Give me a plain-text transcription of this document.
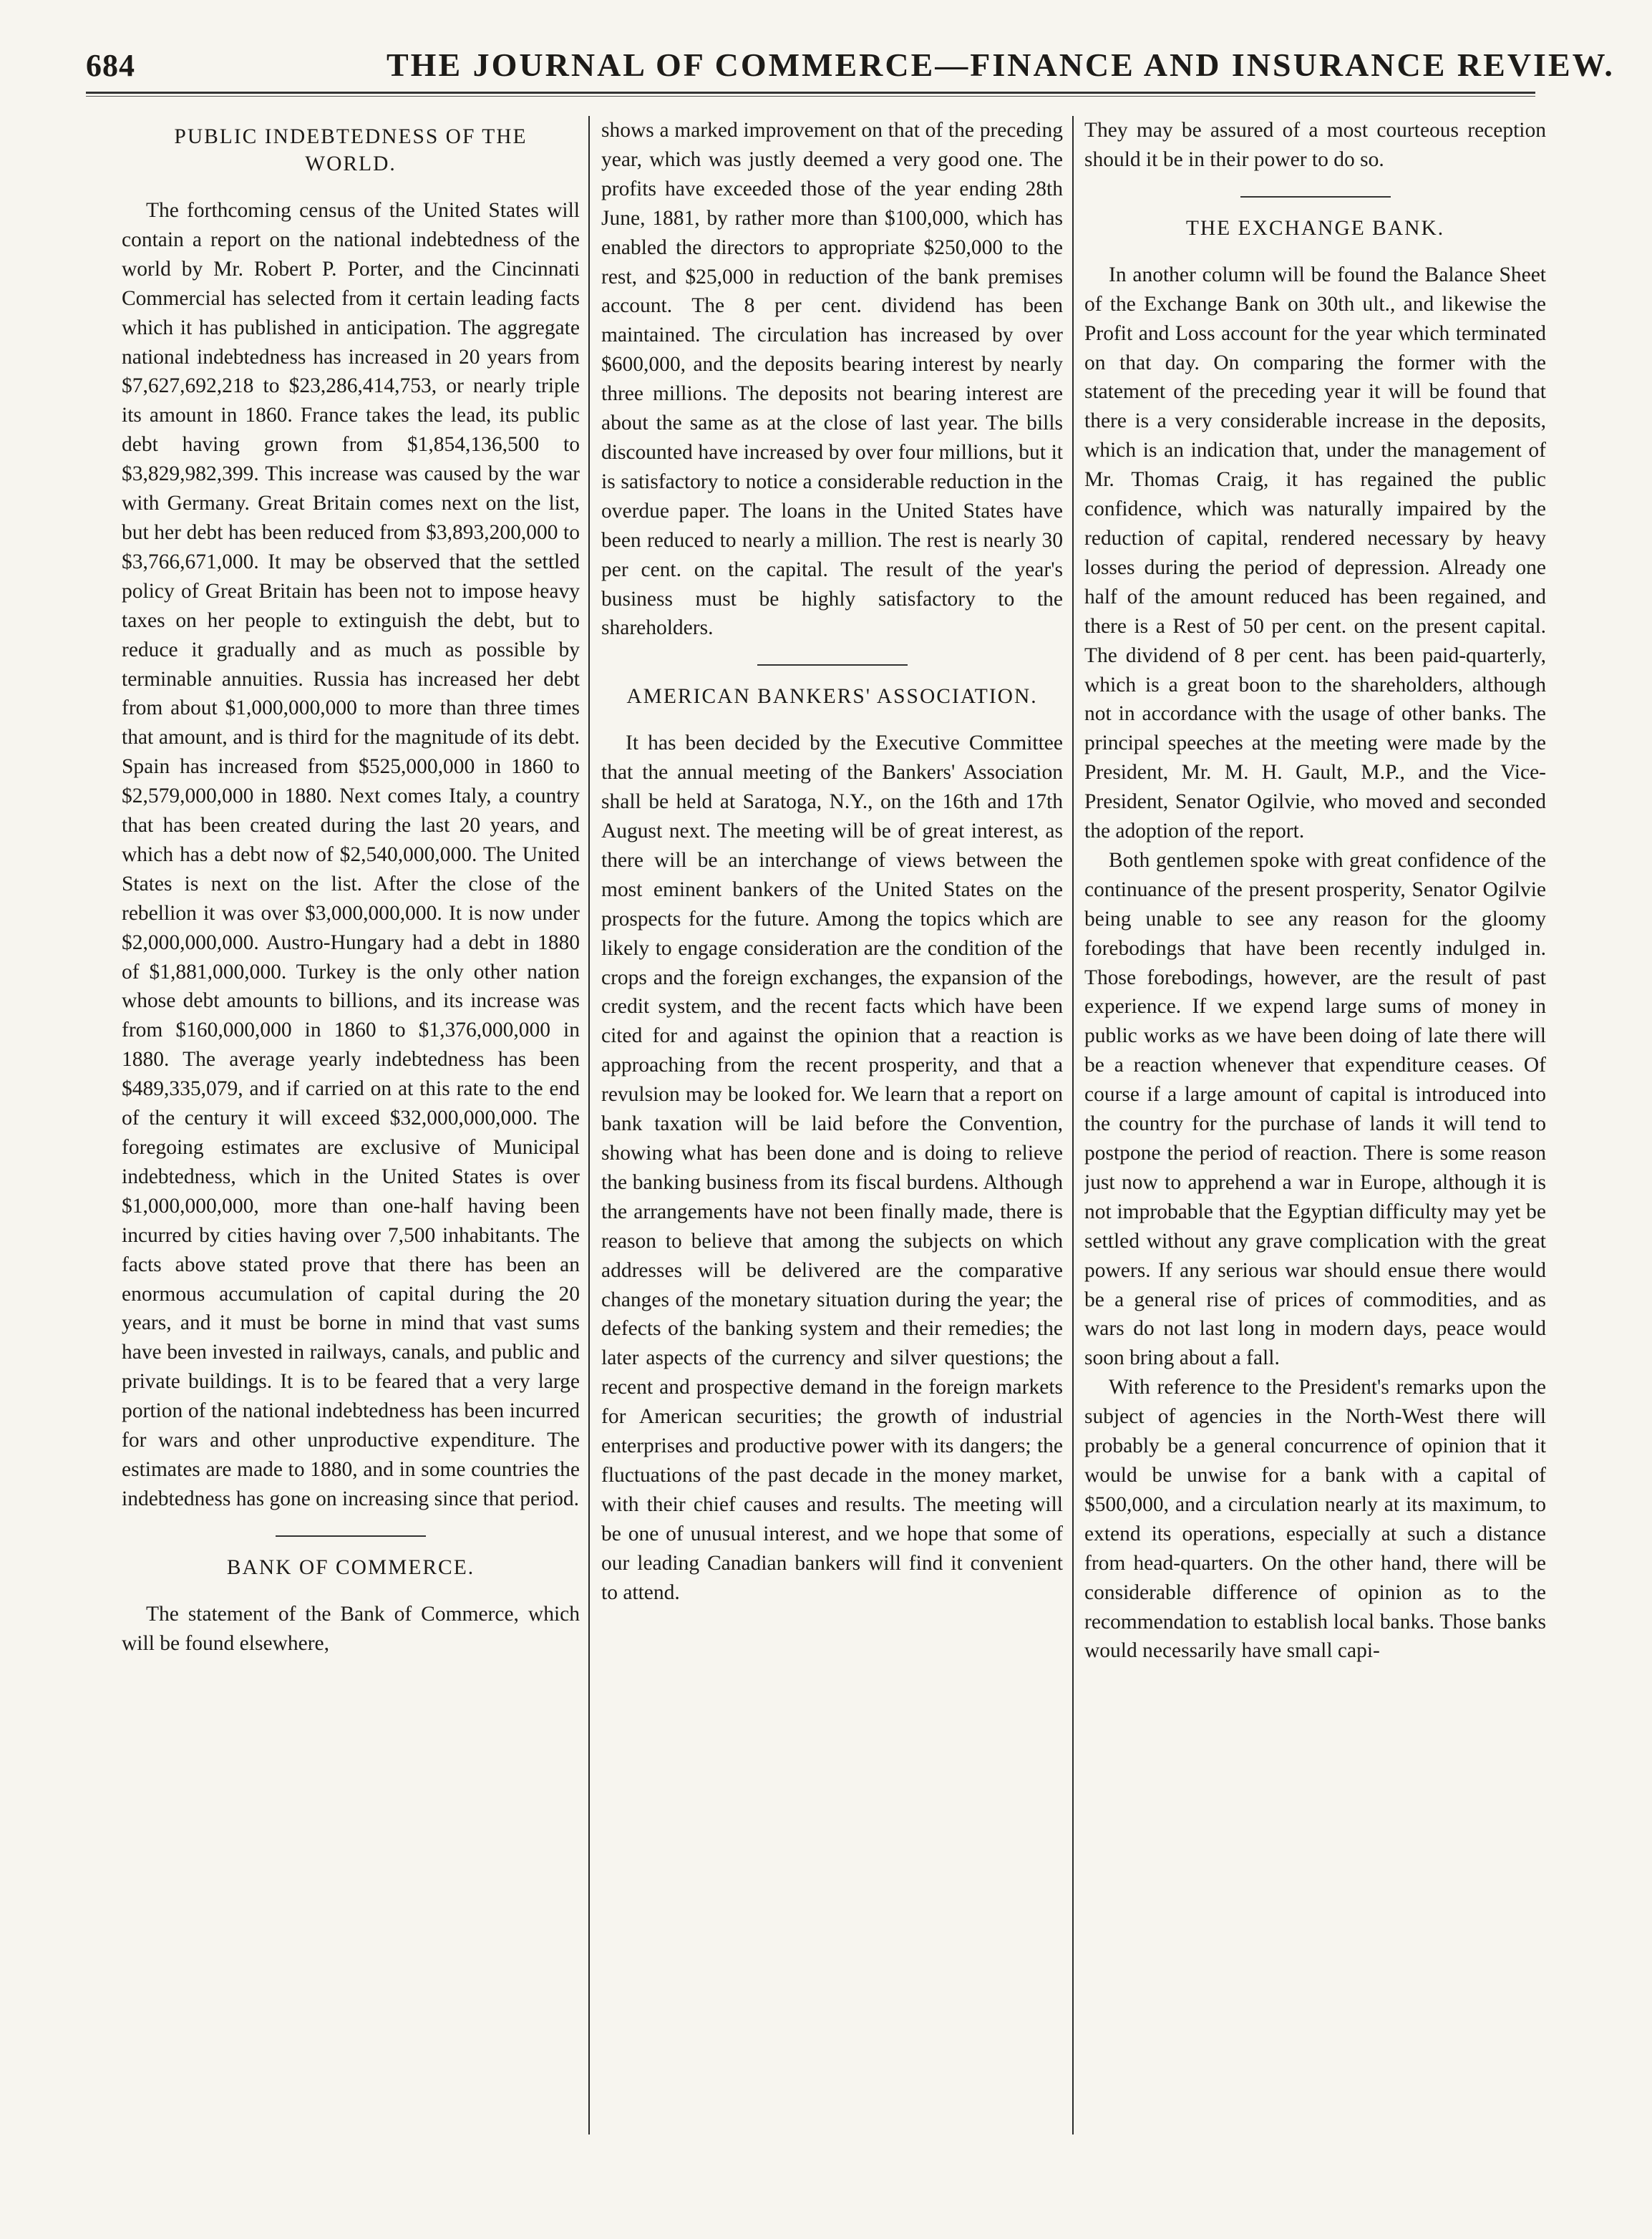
684	THE JOURNAL OF COMMERCE—FINANCE AND INSURANCE REVIEW.
PUBLIC INDEBTEDNESS OF THE WORLD.

The forthcoming census of the United States will contain a report on the national indebtedness of the world by Mr. Robert P. Porter, and the Cincinnati Commercial has selected from it certain leading facts which it has published in anticipation. The aggregate national indebtedness has increased in 20 years from $7,627,692,218 to $23,286,414,753, or nearly triple its amount in 1860. France takes the lead, its public debt having grown from $1,854,136,500 to $3,829,982,399. This increase was caused by the war with Germany. Great Britain comes next on the list, but her debt has been reduced from $3,893,200,000 to $3,766,671,000. It may be observed that the settled policy of Great Britain has been not to impose heavy taxes on her people to extinguish the debt, but to reduce it gradually and as much as possible by terminable annuities. Russia has increased her debt from about $1,000,000,000 to more than three times that amount, and is third for the magnitude of its debt. Spain has increased from $525,000,000 in 1860 to $2,579,000,000 in 1880. Next comes Italy, a country that has been created during the last 20 years, and which has a debt now of $2,540,000,000. The United States is next on the list. After the close of the rebellion it was over $3,000,000,000. It is now under $2,000,000,000. Austro-Hungary had a debt in 1880 of $1,881,000,000. Turkey is the only other nation whose debt amounts to billions, and its increase was from $160,000,000 in 1860 to $1,376,000,000 in 1880. The average yearly indebtedness has been $489,335,079, and if carried on at this rate to the end of the century it will exceed $32,000,000,000. The foregoing estimates are exclusive of Municipal indebtedness, which in the United States is over $1,000,000,000, more than one-half having been incurred by cities having over 7,500 inhabitants. The facts above stated prove that there has been an enormous accumulation of capital during the 20 years, and it must be borne in mind that vast sums have been invested in railways, canals, and public and private buildings. It is to be feared that a very large portion of the national indebtedness has been incurred for wars and other unproductive expenditure. The estimates are made to 1880, and in some countries the indebtedness has gone on increasing since that period.

BANK OF COMMERCE.

The statement of the Bank of Commerce, which will be found elsewhere,

shows a marked improvement on that of the preceding year, which was justly deemed a very good one. The profits have exceeded those of the year ending 28th June, 1881, by rather more than $100,000, which has enabled the directors to appropriate $250,000 to the rest, and $25,000 in reduction of the bank premises account. The 8 per cent. dividend has been maintained. The circulation has increased by over $600,000, and the deposits bearing interest by nearly three millions. The deposits not bearing interest are about the same as at the close of last year. The bills discounted have increased by over four millions, but it is satisfactory to notice a considerable reduction in the overdue paper. The loans in the United States have been reduced to nearly a million. The rest is nearly 30 per cent. on the capital. The result of the year's business must be highly satisfactory to the shareholders.

AMERICAN BANKERS' ASSOCIATION.

It has been decided by the Executive Committee that the annual meeting of the Bankers' Association shall be held at Saratoga, N.Y., on the 16th and 17th August next. The meeting will be of great interest, as there will be an interchange of views between the most eminent bankers of the United States on the prospects for the future. Among the topics which are likely to engage consideration are the condition of the crops and the foreign exchanges, the expansion of the credit system, and the recent facts which have been cited for and against the opinion that a reaction is approaching from the recent prosperity, and that a revulsion may be looked for. We learn that a report on bank taxation will be laid before the Convention, showing what has been done and is doing to relieve the banking business from its fiscal burdens. Although the arrangements have not been finally made, there is reason to believe that among the subjects on which addresses will be delivered are the comparative changes of the monetary situation during the year; the defects of the banking system and their remedies; the later aspects of the currency and silver questions; the recent and prospective demand in the foreign markets for American securities; the growth of industrial enterprises and productive power with its dangers; the fluctuations of the past decade in the money market, with their chief causes and results. The meeting will be one of unusual interest, and we hope that some of our leading Canadian bankers will find it convenient to attend.

They may be assured of a most courteous reception should it be in their power to do so.

THE EXCHANGE BANK.

In another column will be found the Balance Sheet of the Exchange Bank on 30th ult., and likewise the Profit and Loss account for the year which terminated on that day. On comparing the former with the statement of the preceding year it will be found that there is a very considerable increase in the deposits, which is an indication that, under the management of Mr. Thomas Craig, it has regained the public confidence, which was naturally impaired by the reduction of capital, rendered necessary by heavy losses during the period of depression. Already one half of the amount reduced has been regained, and there is a Rest of 50 per cent. on the present capital. The dividend of 8 per cent. has been paid-quarterly, which is a great boon to the shareholders, although not in accordance with the usage of other banks. The principal speeches at the meeting were made by the President, Mr. M. H. Gault, M.P., and the Vice-President, Senator Ogilvie, who moved and seconded the adoption of the report.

Both gentlemen spoke with great confidence of the continuance of the present prosperity, Senator Ogilvie being unable to see any reason for the gloomy forebodings that have been recently indulged in. Those forebodings, however, are the result of past experience. If we expend large sums of money in public works as we have been doing of late there will be a reaction whenever that expenditure ceases. Of course if a large amount of capital is introduced into the country for the purchase of lands it will tend to postpone the period of reaction. There is some reason just now to apprehend a war in Europe, although it is not improbable that the Egyptian difficulty may yet be settled without any grave complication with the great powers. If any serious war should ensue there would be a general rise of prices of commodities, and as wars do not last long in modern days, peace would soon bring about a fall.

With reference to the President's remarks upon the subject of agencies in the North-West there will probably be a general concurrence of opinion that it would be unwise for a bank with a capital of $500,000, and a circulation nearly at its maximum, to extend its operations, especially at such a distance from head-quarters. On the other hand, there will be considerable difference of opinion as to the recommendation to establish local banks. Those banks would necessarily have small capi-
